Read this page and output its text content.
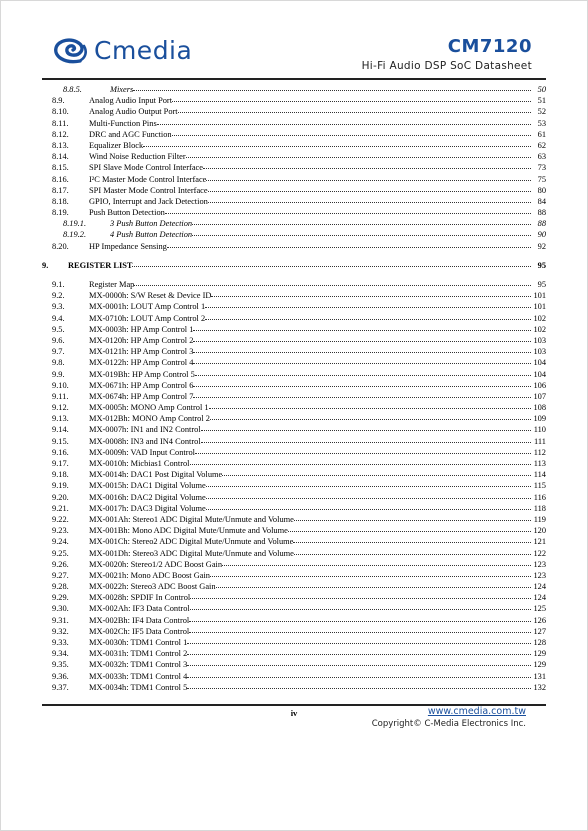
Cmedia	CM7120
Hi-Fi Audio DSP SoC Datasheet
8.8.5.	Mixers	50
8.9.	Analog Audio Input Port	51
8.10. Analog Audio Output Port	52
8.11. Multi-Function Pins	53
8.12. DRC and AGC Function	61
8.13. Equalizer Block	62
8.14. Wind Noise Reduction Filter	63
8.15. SPI Slave Mode Control Interface	73
8.16. I²C Master Mode Control Interface	75
8.17. SPI Master Mode Control Interface	80
8.18. GPIO, Interrupt and Jack Detection	84
8.19. Push Button Detection	88
8.19.1.	3 Push Button Detection	88
8.19.2.	4 Push Button Detection	90
8.20. HP Impedance Sensing	92
9. REGISTER LIST	95
9.1.	Register Map	95
9.2.	MX-0000h: S/W Reset & Device ID	101
9.3.	MX-0001h: LOUT Amp Control 1	101
9.4.	MX-0710h: LOUT Amp Control 2	102
9.5.	MX-0003h: HP Amp Control 1	102
9.6.	MX-0120h: HP Amp Control 2	103
9.7.	MX-0121h: HP Amp Control 3	103
9.8.	MX-0122h: HP Amp Control 4	104
9.9.	MX-019Bh: HP Amp Control 5	104
9.10. MX-0671h: HP Amp Control 6	106
9.11. MX-0674h: HP Amp Control 7	107
9.12. MX-0005h: MONO Amp Control 1	108
9.13. MX-012Bh: MONO Amp Control 2	109
9.14. MX-0007h: IN1 and IN2 Control	110
9.15. MX-0008h: IN3 and IN4 Control	111
9.16. MX-0009h: VAD Input Control	112
9.17. MX-0010h: Micbias1 Control	113
9.18. MX-0014h: DAC1 Post Digital Volume	114
9.19. MX-0015h: DAC1 Digital Volume	115
9.20. MX-0016h: DAC2 Digital Volume	116
9.21. MX-0017h: DAC3 Digital Volume	118
9.22. MX-001Ah: Stereo1 ADC Digital Mute/Unmute and Volume	119
9.23. MX-001Bh: Mono ADC Digital Mute/Unmute and Volume	120
9.24. MX-001Ch: Stereo2 ADC Digital Mute/Unmute and Volume	121
9.25. MX-001Dh: Stereo3 ADC Digital Mute/Unmute and Volume	122
9.26. MX-0020h: Stereo1/2 ADC Boost Gain	123
9.27. MX-0021h: Mono ADC Boost Gain	123
9.28. MX-0022h: Stereo3 ADC Boost Gain	124
9.29. MX-0028h: SPDIF In Control	124
9.30. MX-002Ah: IF3 Data Control	125
9.31. MX-002Bh: IF4 Data Control	126
9.32. MX-002Ch: IF5 Data Control	127
9.33. MX-0030h: TDM1 Control 1	128
9.34. MX-0031h: TDM1 Control 2	129
9.35. MX-0032h: TDM1 Control 3	129
9.36. MX-0033h: TDM1 Control 4	131
9.37. MX-0034h: TDM1 Control 5	132
iv	www.cmedia.com.tw
Copyright© C-Media Electronics Inc.
